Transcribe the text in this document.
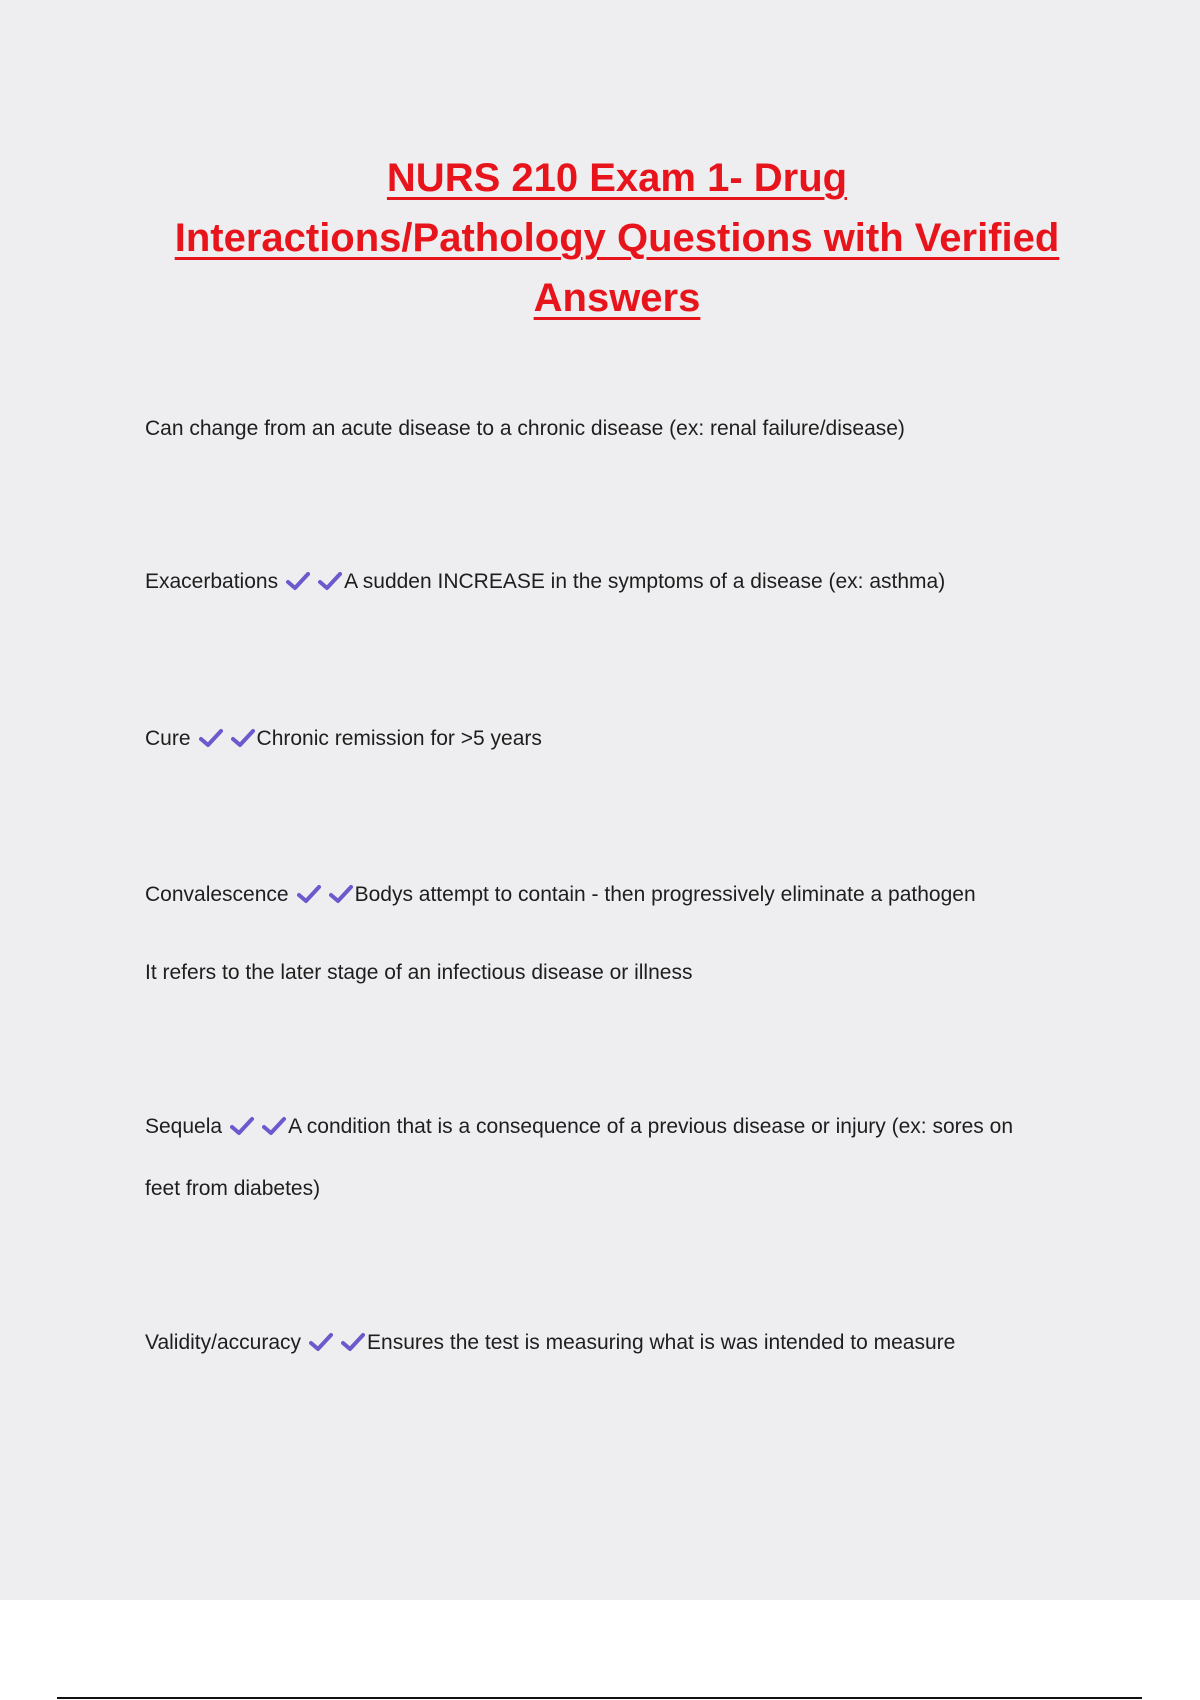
NURS 210 Exam 1- Drug
Interactions/Pathology Questions with Verified
Answers
Can change from an acute disease to a chronic disease (ex: renal failure/disease)
Exacerbations	A sudden INCREASE in the symptoms of a disease (ex: asthma)
Cure	Chronic remission for >5 years
Convalescence	Bodys attempt to contain - then progressively eliminate a pathogen
It refers to the later stage of an infectious disease or illness
Sequela	A condition that is a consequence of a previous disease or injury (ex: sores on
feet from diabetes)
Validity/accuracy	Ensures the test is measuring what is was intended to measure
